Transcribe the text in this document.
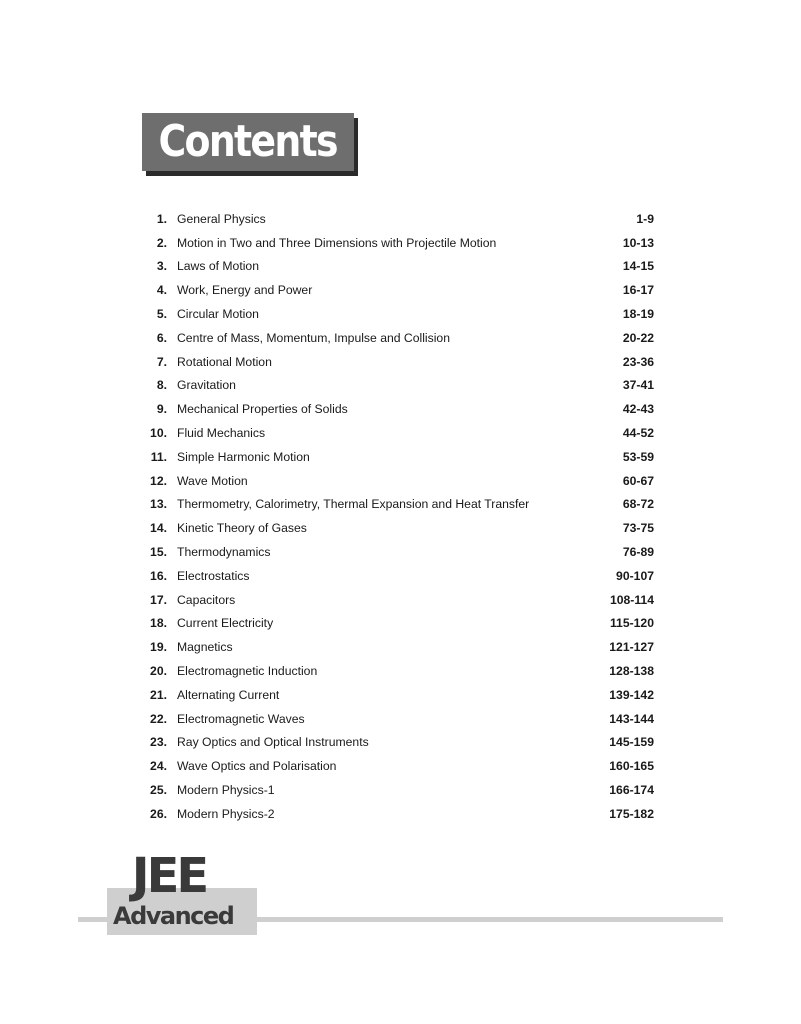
Contents
1. General Physics	1-9
2. Motion in Two and Three Dimensions with Projectile Motion	10-13
3. Laws of Motion	14-15
4. Work, Energy and Power	16-17
5. Circular Motion	18-19
6. Centre of Mass, Momentum, Impulse and Collision	20-22
7. Rotational Motion	23-36
8. Gravitation	37-41
9. Mechanical Properties of Solids	42-43
10. Fluid Mechanics	44-52
11. Simple Harmonic Motion	53-59
12. Wave Motion	60-67
13. Thermometry, Calorimetry, Thermal Expansion and Heat Transfer	68-72
14. Kinetic Theory of Gases	73-75
15. Thermodynamics	76-89
16. Electrostatics	90-107
17. Capacitors	108-114
18. Current Electricity	115-120
19. Magnetics	121-127
20. Electromagnetic Induction	128-138
21. Alternating Current	139-142
22. Electromagnetic Waves	143-144
23. Ray Optics and Optical Instruments	145-159
24. Wave Optics and Polarisation	160-165
25. Modern Physics-1	166-174
26. Modern Physics-2	175-182
JEE
Advanced
